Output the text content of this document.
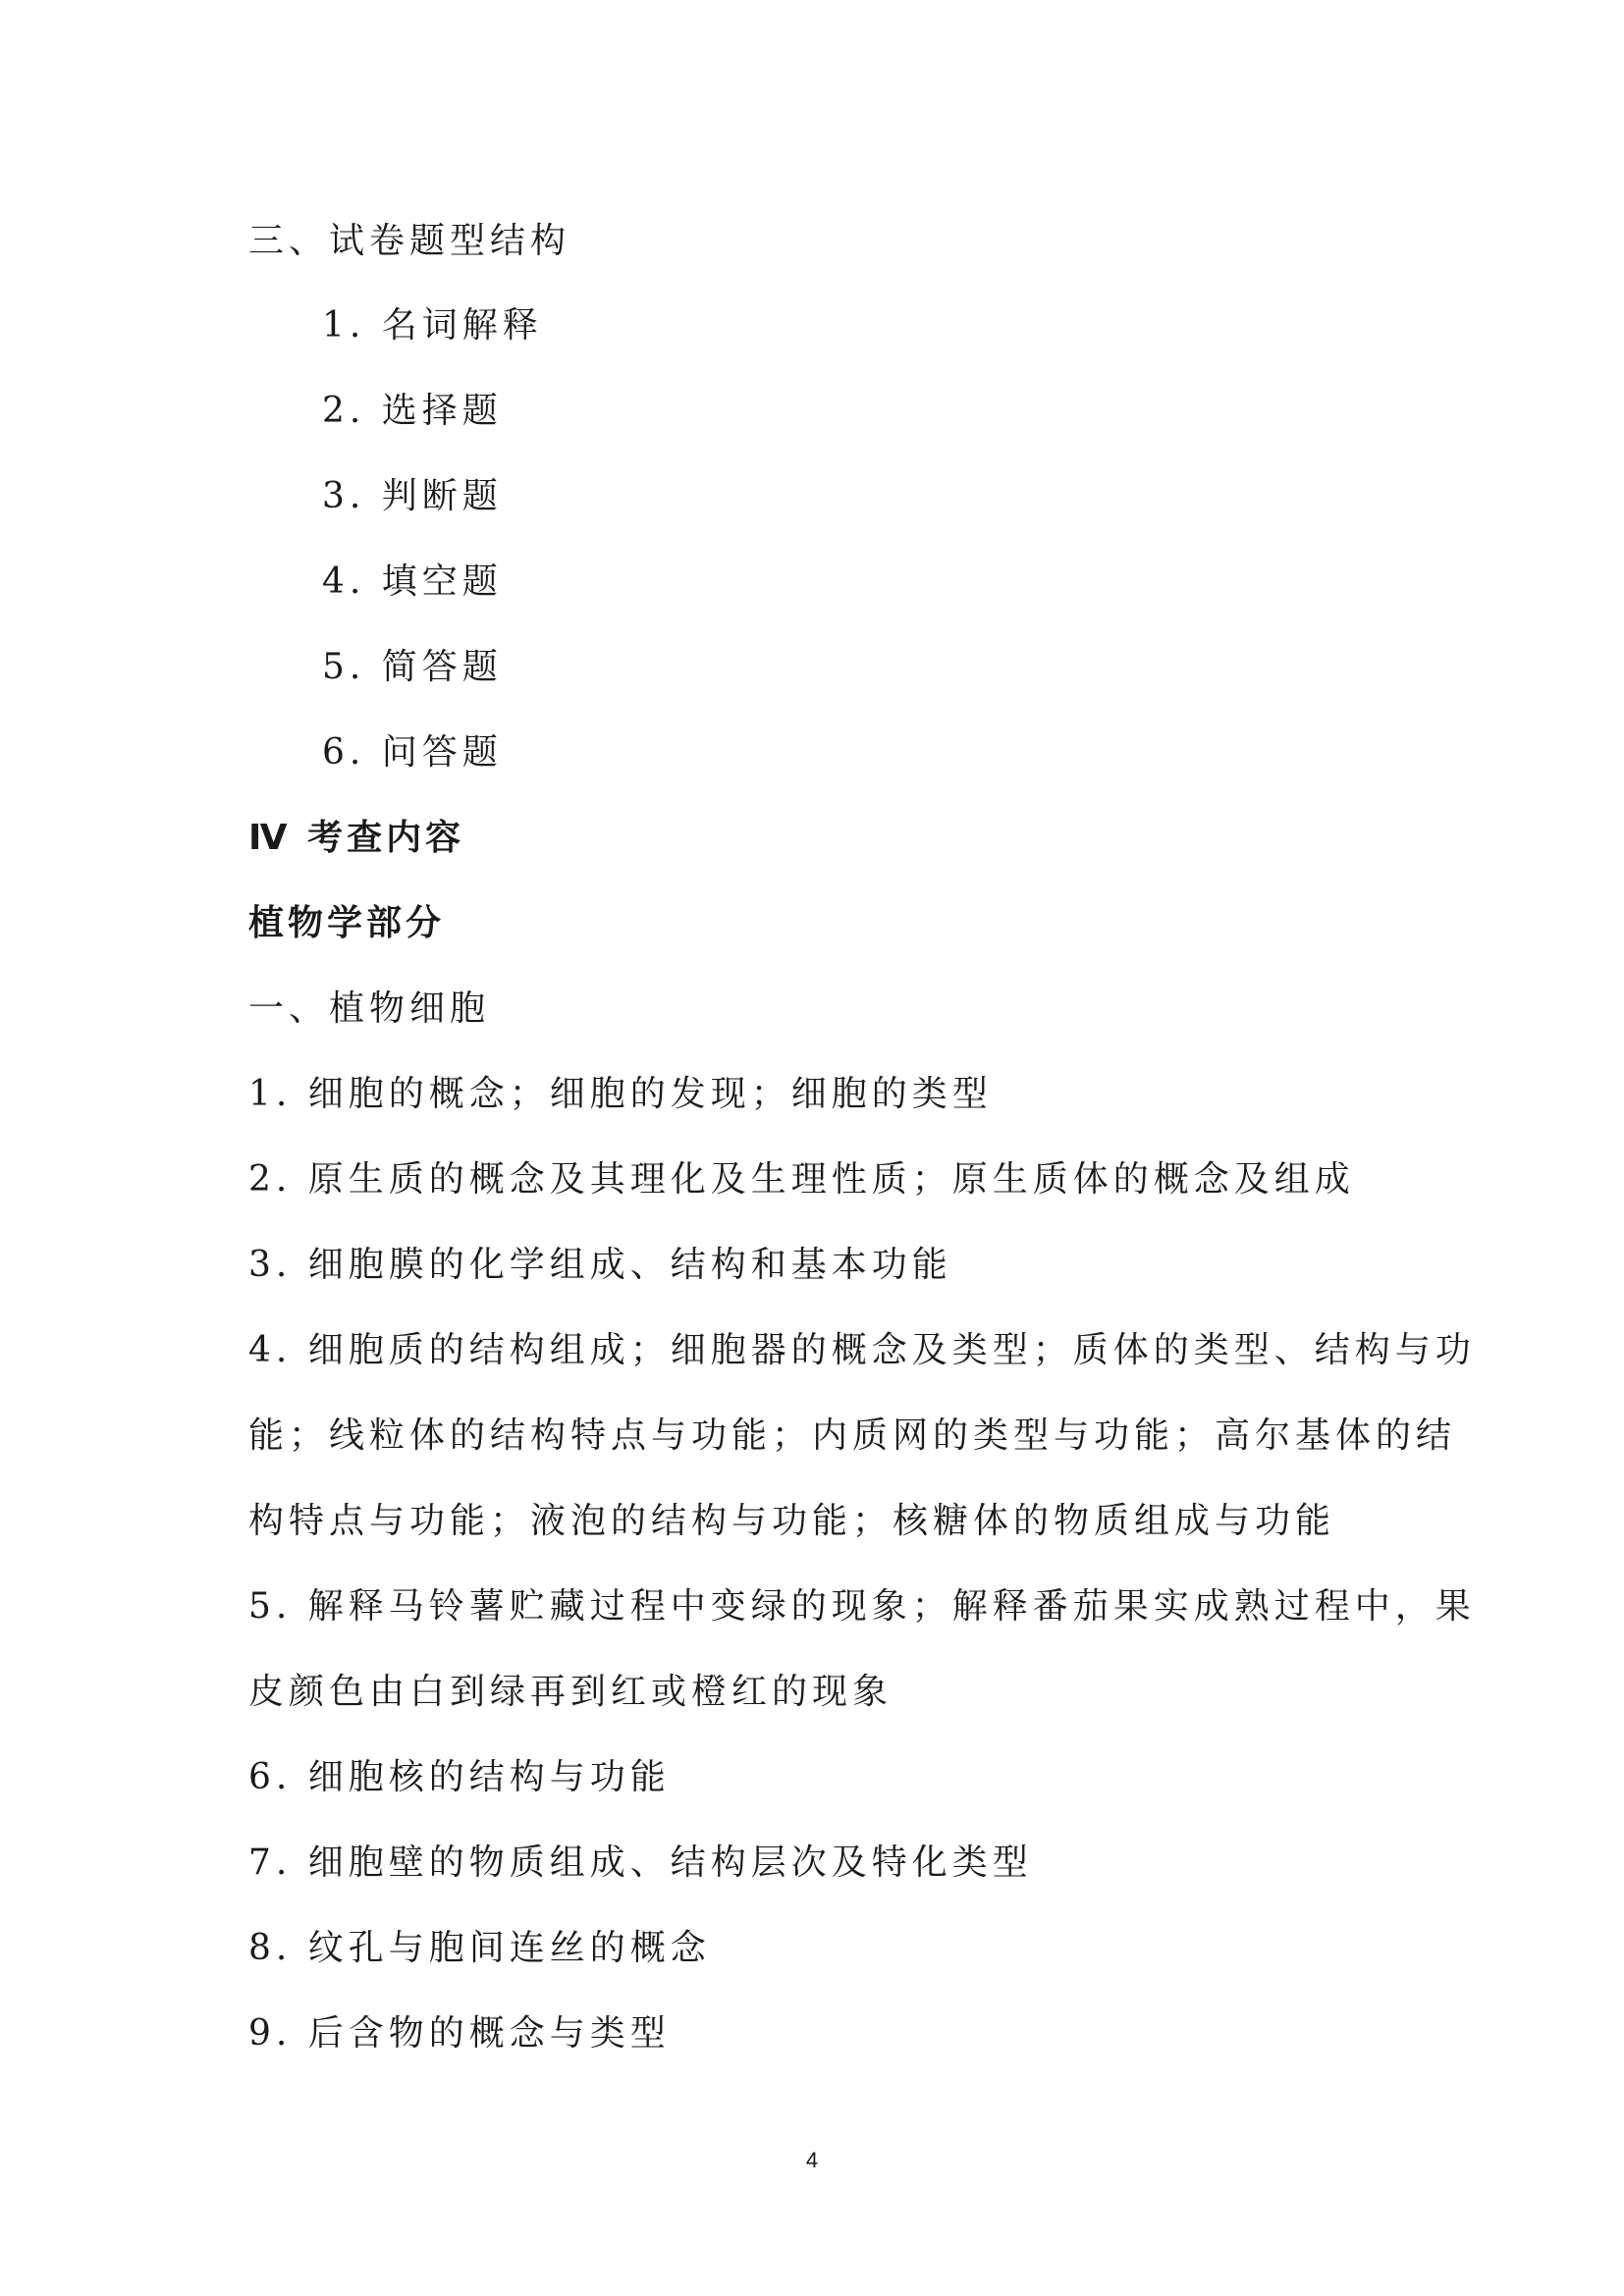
三、试卷题型结构
1. 名词解释
2. 选择题
3. 判断题
4. 填空题
5. 简答题
6. 问答题
Ⅳ 考查内容
植物学部分
一、植物细胞
1. 细胞的概念；细胞的发现；细胞的类型
2. 原生质的概念及其理化及生理性质；原生质体的概念及组成
3. 细胞膜的化学组成、结构和基本功能
4. 细胞质的结构组成；细胞器的概念及类型；质体的类型、结构与功
能；线粒体的结构特点与功能；内质网的类型与功能；高尔基体的结
构特点与功能；液泡的结构与功能；核糖体的物质组成与功能
5. 解释马铃薯贮藏过程中变绿的现象；解释番茄果实成熟过程中，果
皮颜色由白到绿再到红或橙红的现象
6. 细胞核的结构与功能
7. 细胞壁的物质组成、结构层次及特化类型
8. 纹孔与胞间连丝的概念
9. 后含物的概念与类型
4
